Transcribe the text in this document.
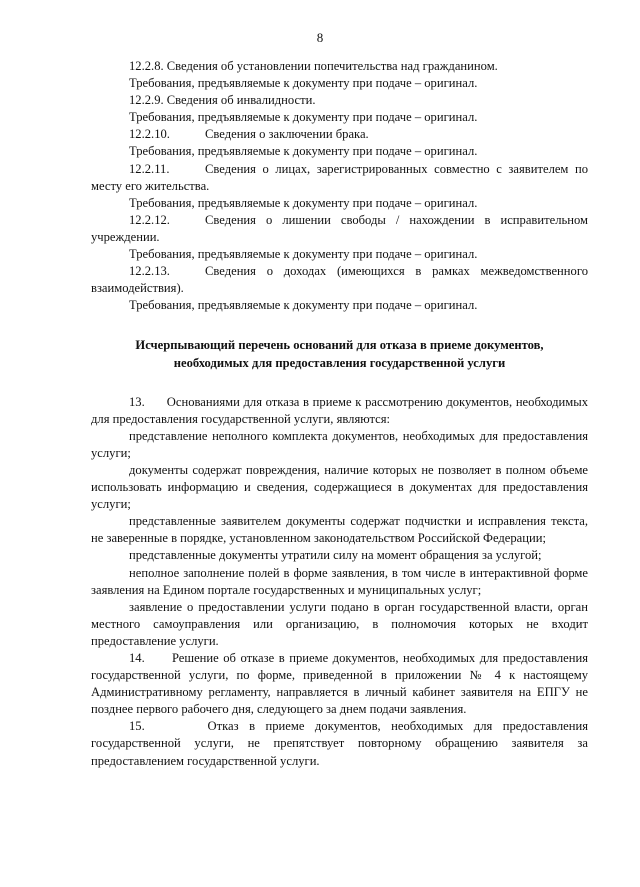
8

12.2.8. Сведения об установлении попечительства над гражданином.

Требования, предъявляемые к документу при подаче – оригинал.

12.2.9. Сведения об инвалидности.

Требования, предъявляемые к документу при подаче – оригинал.

12.2.10.	Сведения о заключении брака.

Требования, предъявляемые к документу при подаче – оригинал.

12.2.11.	Сведения о лицах, зарегистрированных совместно с заявителем по

месту его жительства.

Требования, предъявляемые к документу при подаче – оригинал.

12.2.12.	Сведения о лишении свободы / нахождении в исправительном

учреждении.

Требования, предъявляемые к документу при подаче – оригинал.

12.2.13.	Сведения о доходах (имеющихся в рамках межведомственного

взаимодействия).

Требования, предъявляемые к документу при подаче – оригинал.

Исчерпывающий перечень оснований для отказа в приеме документов,
необходимых для предоставления государственной услуги

13.      Основаниями для отказа в приеме к рассмотрению документов, необходимых для предоставления государственной услуги, являются:

представление неполного комплекта документов, необходимых для предоставления услуги;

документы содержат повреждения, наличие которых не позволяет в полном объеме использовать информацию и сведения, содержащиеся в документах для предоставления услуги;

представленные заявителем документы содержат подчистки и исправления текста, не заверенные в порядке, установленном законодательством Российской Федерации;

представленные документы утратили силу на момент обращения за услугой;

неполное заполнение полей в форме заявления, в том числе в интерактивной форме заявления на Едином портале государственных и муниципальных услуг;

заявление о предоставлении услуги подано в орган государственной власти, орган местного самоуправления или организацию, в полномочия которых не входит предоставление услуги.

14.      Решение об отказе в приеме документов, необходимых для предоставления государственной услуги, по форме, приведенной в приложении № 4 к настоящему Административному регламенту, направляется в личный кабинет заявителя на ЕПГУ не позднее первого рабочего дня, следующего за днем подачи заявления.

15.      Отказ в приеме документов, необходимых для предоставления государственной услуги, не препятствует повторному обращению заявителя за предоставлением государственной услуги.
